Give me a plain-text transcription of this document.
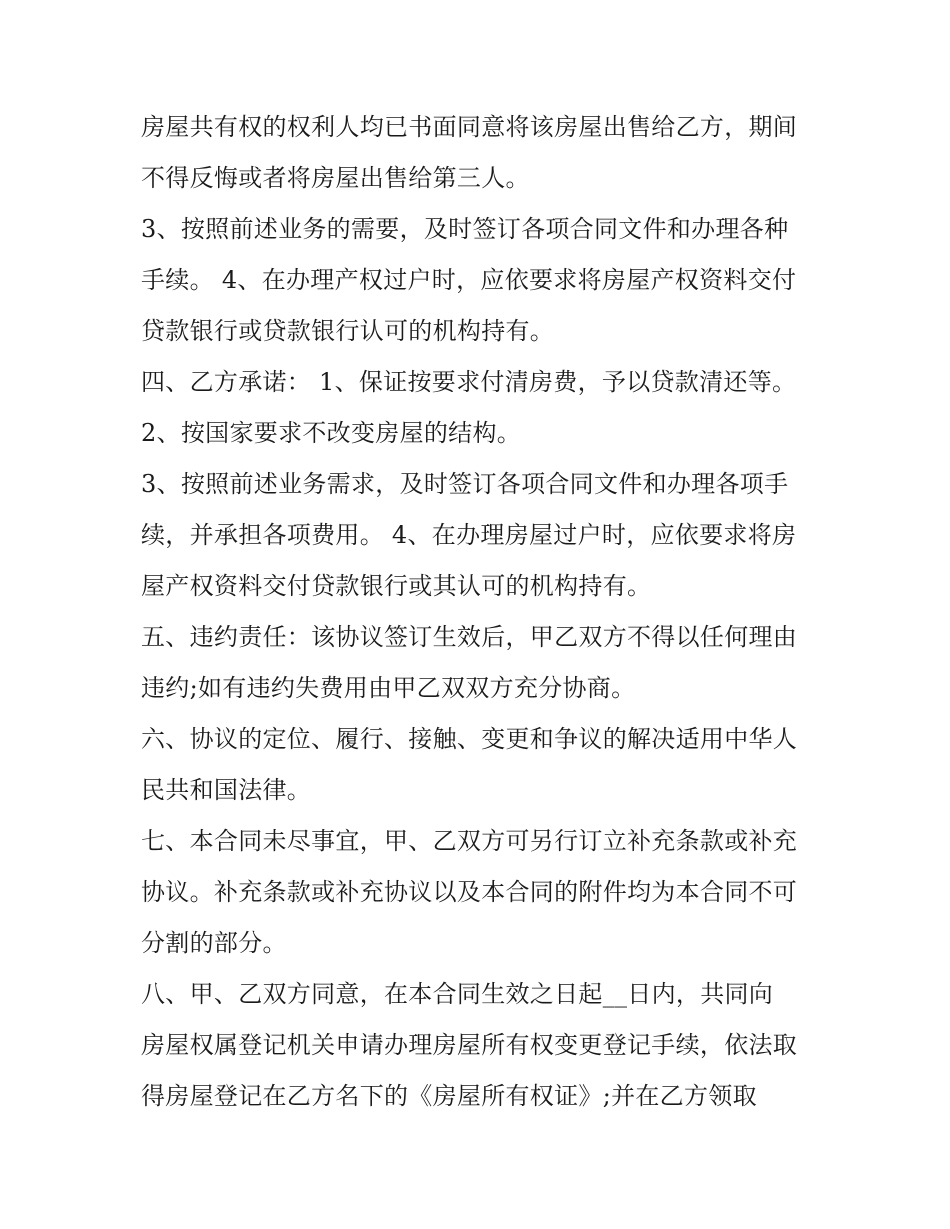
房屋共有权的权利人均已书面同意将该房屋出售给乙方，期间
不得反悔或者将房屋出售给第三人。
3、按照前述业务的需要，及时签订各项合同文件和办理各种
手续。 4、在办理产权过户时，应依要求将房屋产权资料交付
贷款银行或贷款银行认可的机构持有。
四、乙方承诺： 1、保证按要求付清房费，予以贷款清还等。
2、按国家要求不改变房屋的结构。
3、按照前述业务需求，及时签订各项合同文件和办理各项手
续，并承担各项费用。 4、在办理房屋过户时，应依要求将房
屋产权资料交付贷款银行或其认可的机构持有。
五、违约责任：该协议签订生效后，甲乙双方不得以任何理由
违约;如有违约失费用由甲乙双双方充分协商。
六、协议的定位、履行、接触、变更和争议的解决适用中华人
民共和国法律。
七、本合同未尽事宜，甲、乙双方可另行订立补充条款或补充
协议。补充条款或补充协议以及本合同的附件均为本合同不可
分割的部分。
八、甲、乙双方同意，在本合同生效之日起__日内，共同向
房屋权属登记机关申请办理房屋所有权变更登记手续，依法取
得房屋登记在乙方名下的《房屋所有权证》;并在乙方领取
